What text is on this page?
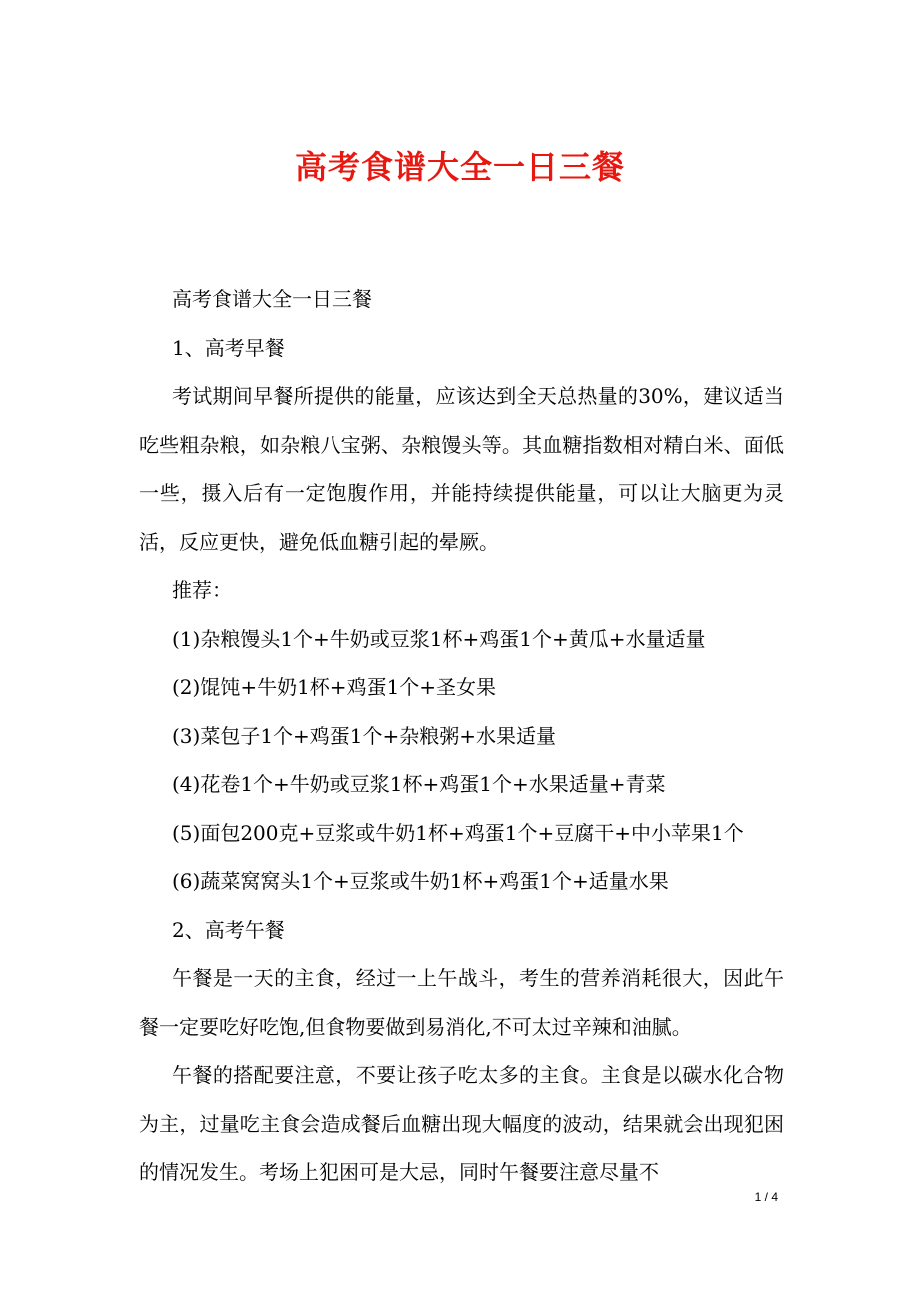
高考食谱大全一日三餐

高考食谱大全一日三餐

1、高考早餐

考试期间早餐所提供的能量，应该达到全天总热量的30%，建议适当吃些粗杂粮，如杂粮八宝粥、杂粮馒头等。其血糖指数相对精白米、面低一些，摄入后有一定饱腹作用，并能持续提供能量，可以让大脑更为灵活，反应更快，避免低血糖引起的晕厥。

推荐：

(1)杂粮馒头1个+牛奶或豆浆1杯+鸡蛋1个+黄瓜+水量适量

(2)馄饨+牛奶1杯+鸡蛋1个+圣女果

(3)菜包子1个+鸡蛋1个+杂粮粥+水果适量

(4)花卷1个+牛奶或豆浆1杯+鸡蛋1个+水果适量+青菜

(5)面包200克+豆浆或牛奶1杯+鸡蛋1个+豆腐干+中小苹果1个

(6)蔬菜窝窝头1个+豆浆或牛奶1杯+鸡蛋1个+适量水果

2、高考午餐

午餐是一天的主食，经过一上午战斗，考生的营养消耗很大，因此午餐一定要吃好吃饱,但食物要做到易消化,不可太过辛辣和油腻。

午餐的搭配要注意，不要让孩子吃太多的主食。主食是以碳水化合物为主，过量吃主食会造成餐后血糖出现大幅度的波动，结果就会出现犯困的情况发生。考场上犯困可是大忌，同时午餐要注意尽量不

1 / 4
